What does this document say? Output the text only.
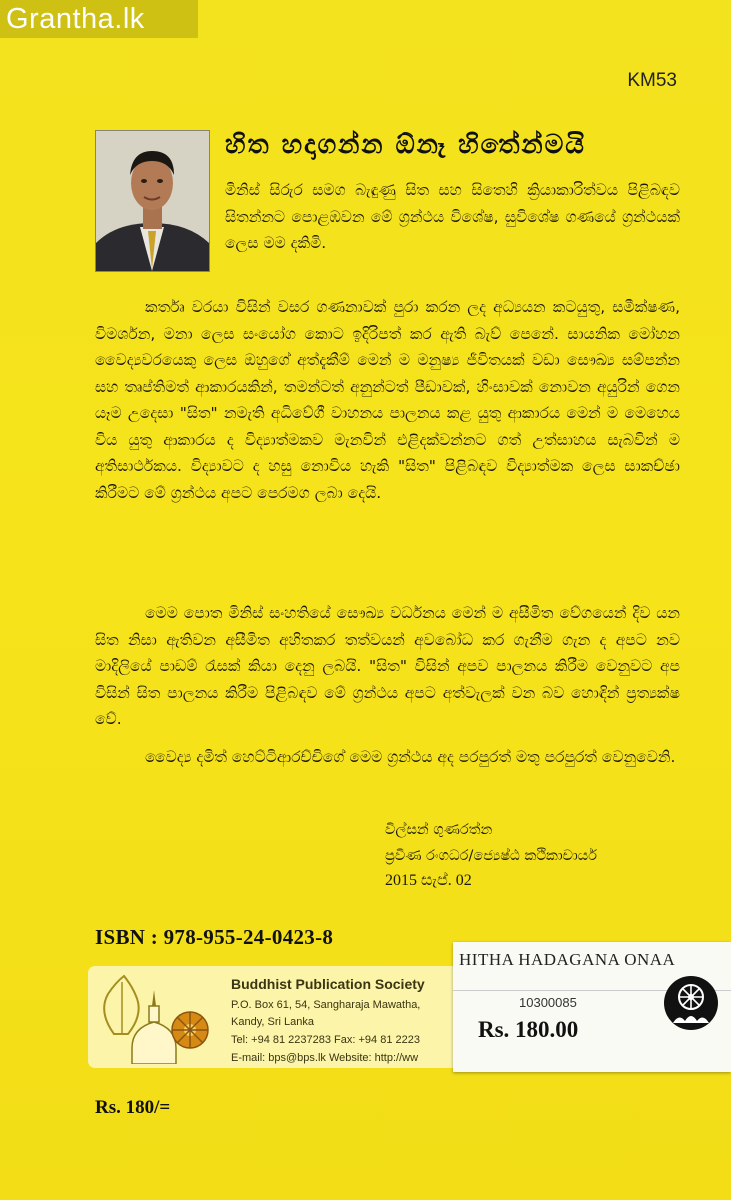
Grantha.lk
KM53
හිත හදාගන්න ඕනෑ හිතේන්මයි
මිනිස් සිරුර සමග බැඳුණු සිත සහ සිතෙහි ක්‍රියාකාරිත්වය පිළිබඳව සිතන්නට පොළඹවන මේ ග්‍රන්ථය විශේෂ, සුවිශේෂ ගණයේ ග්‍රන්ථයක් ලෙස මම දකිමි.
කර්තෘ වරයා විසින් වසර ගණනාවක් පුරා කරන ලද අධ්‍යයන කටයුතු, සමීක්ෂණ, විමර්ශන, මනා ලෙස සංයෝග කොට ඉදිරිපත් කර ඇති බැව් පෙනේ. සායනික මෝහන වෛද්‍යවරයෙකු ලෙස ඔහුගේ අත්දැකීම් මෙන් ම මනුෂ්‍ය ජීවිතයක් වඩා සෞඛ්‍ය සම්පන්න සහ තෘප්තිමත් ආකාරයකින්, තමන්ටත් අනුන්ටත් පීඩාවක්, හිංසාවක් නොවන අයුරින් ගෙන යෑම උදෙසා "සිත" නමැති අධිවේගී වාහනය පාලනය කළ යුතු ආකාරය මෙන් ම මෙහෙය විය යුතු ආකාරය ද විද්‍යාත්මකව මැනවින් එළිදක්වන්නට ගත් උත්සාහය සැබවින් ම අතිසාර්ථකය. විද්‍යාවට ද හසු නොවිය හැකි "සිත" පිළිබඳව විද්‍යාත්මක ලෙස සාකච්ඡා කිරීමට මේ ග්‍රන්ථය අපට පෙරමග ලබා දෙයි.
මෙම පොත මිනිස් සංහතියේ සෞඛ්‍ය වර්ධනය මෙන් ම අසීමිත වේගයෙන් දිව යන සිත නිසා ඇතිවන අසීමිත අහිතකර තත්වයන් අවබෝධ කර ගැනීම ගැන ද අපට නව මාදිලියේ පාඩම් රැසක් කියා දෙනු ලබයි. "සිත" විසින් අපව පාලනය කිරීම වෙනුවට අප විසින් සිත පාලනය කිරීම පිළිබඳව මේ ග්‍රන්ථය අපට අත්වැලක් වන බව හොඳින් ප්‍රත්‍යක්ෂ වේ.
වෛද්‍ය දමිත් හෙට්ටිආරච්චිගේ මෙම ග්‍රන්ථය අද පරපුරත් මතු පරපුරත් වෙනුවෙනි.
විල්සන් ගුණරත්න
ප්‍රවීණ රංගධර/ජ්‍යෙෂ්ඨ කථිකාචාර්ය
2015 සැප්. 02
ISBN : 978-955-24-0423-8
Buddhist Publication Society
P.O. Box 61, 54, Sangharaja Mawatha,
Kandy, Sri Lanka
Tel: +94 81 2237283 Fax: +94 81 2223
E-mail: bps@bps.lk Website: http://ww
Rs. 180/=
HITHA HADAGANA ONAA
10300085
Rs. 180.00
